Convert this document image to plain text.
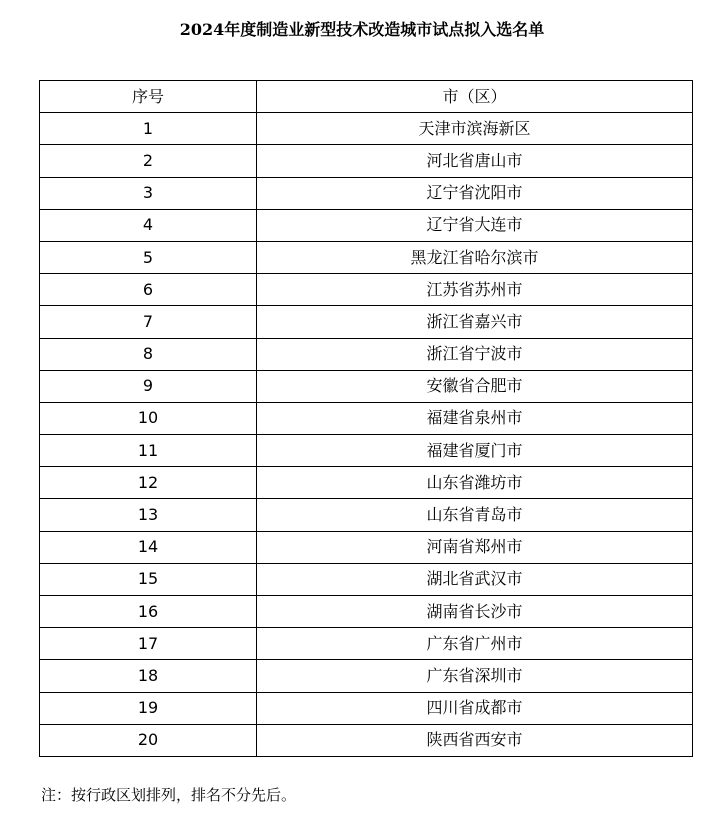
2024年度制造业新型技术改造城市试点拟入选名单
序号	市（区）
1	天津市滨海新区
2	河北省唐山市
3	辽宁省沈阳市
4	辽宁省大连市
5	黑龙江省哈尔滨市
6	江苏省苏州市
7	浙江省嘉兴市
8	浙江省宁波市
9	安徽省合肥市
10	福建省泉州市
11	福建省厦门市
12	山东省潍坊市
13	山东省青岛市
14	河南省郑州市
15	湖北省武汉市
16	湖南省长沙市
17	广东省广州市
18	广东省深圳市
19	四川省成都市
20	陕西省西安市
注：按行政区划排列，排名不分先后。
